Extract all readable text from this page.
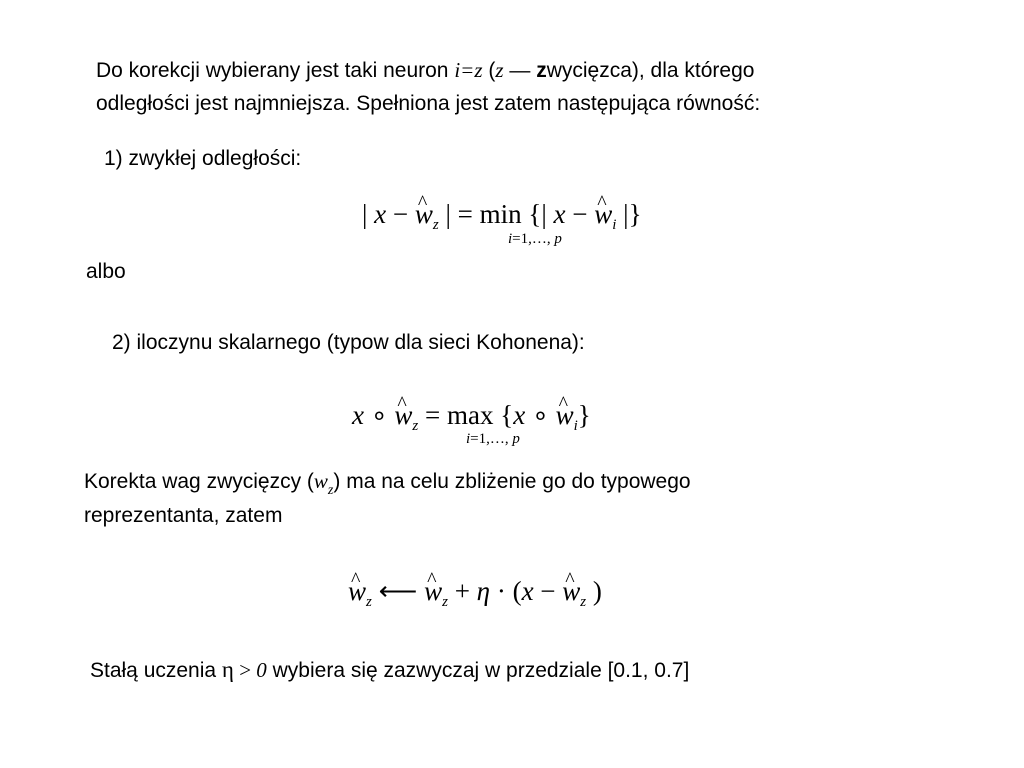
Do korekcji wybierany jest taki neuron i=z (z — zwycięzca), dla którego
odległości jest najmniejsza. Spełniona jest zatem następująca równość:
1) zwykłej odległości:
| x − ^ $w_z$ | = min {| x − ^ $w_i$ |}
i=1,…, p
albo
2) iloczynu skalarnego (typow dla sieci Kohonena):
x ∘ ^ $w_z = \max \{x$ ∘ ^ $w_i$}
i=1,…, p
Korekta wag zwycięzcy $(w_z)$ ma na celu zbliżenie go do typowego
reprezentanta, zatem
^ $w_z$ ⟵ ^ $w_z + \eta \cdot (x$ − ^ $w_z$ )
Stałą uczenia η > 0 wybiera się zazwyczaj w przedziale [0.1, 0.7]
